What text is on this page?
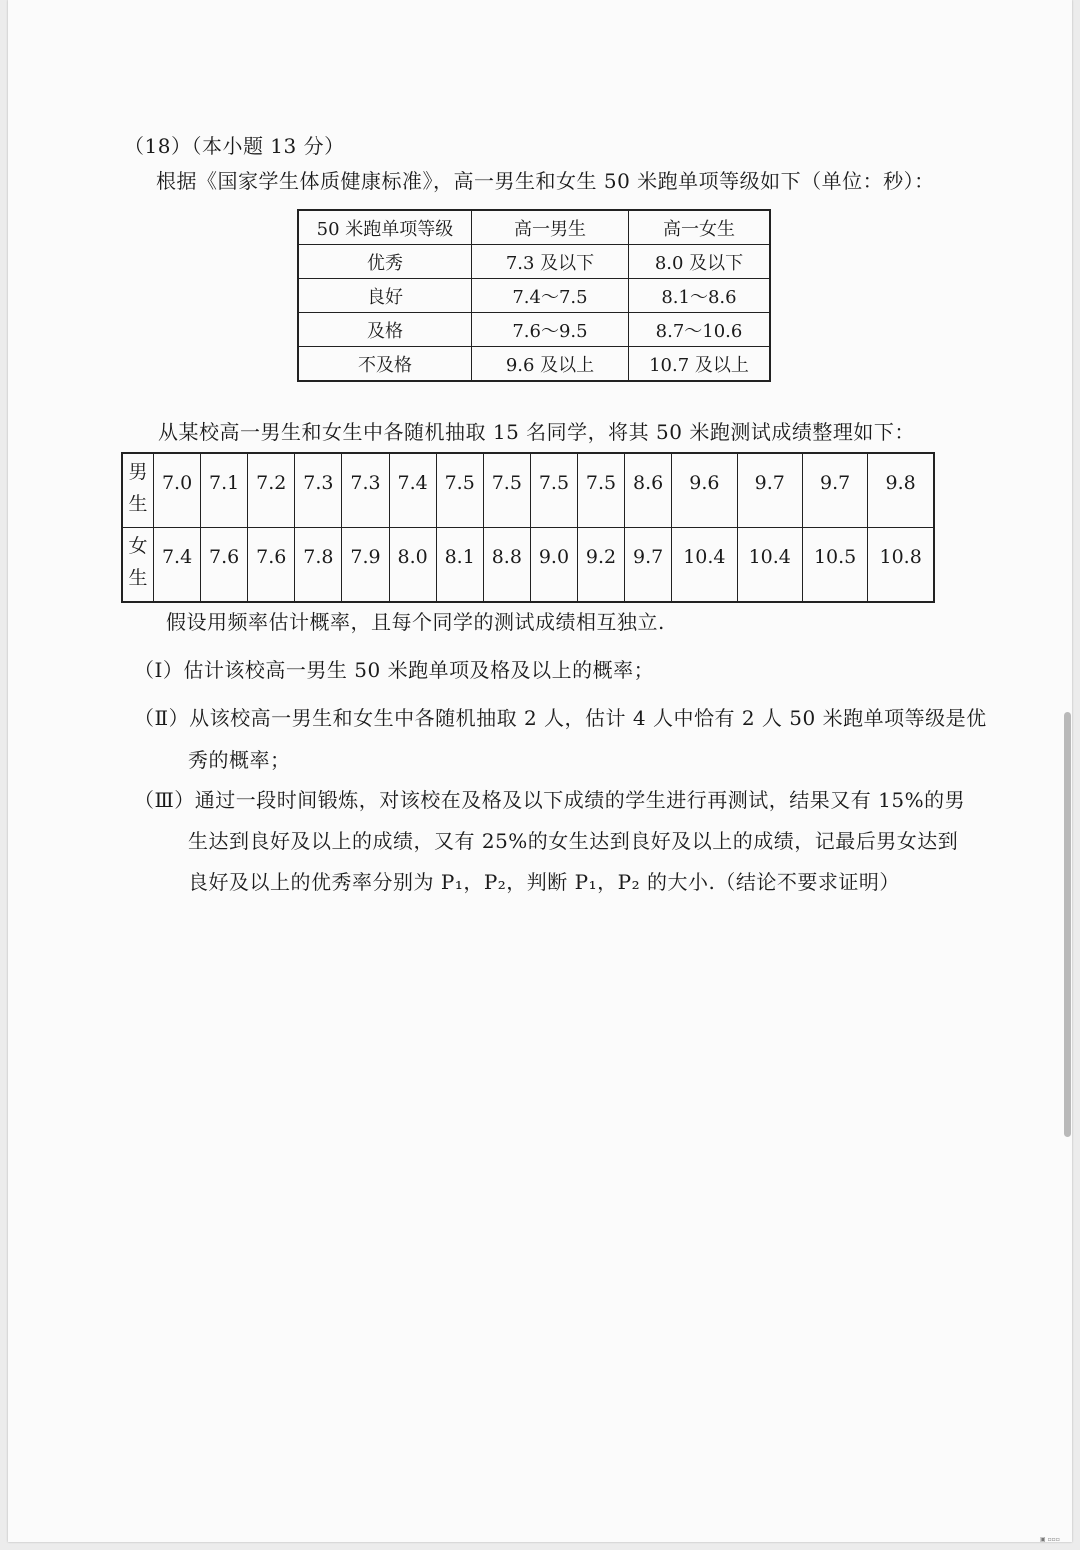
▣ ▫▫▫
（18）（本小题 13 分）
根据《国家学生体质健康标准》，高一男生和女生 50 米跑单项等级如下（单位：秒）：
50 米跑单项等级	高一男生	高一女生
优秀	7.3 及以下	8.0 及以下
良好	7.4～7.5	8.1～8.6
及格	7.6～9.5	8.7～10.6
不及格	9.6 及以上	10.7 及以上
从某校高一男生和女生中各随机抽取 15 名同学，将其 50 米跑测试成绩整理如下：
男
生	7.0	7.1	7.2	7.3	7.3	7.4	7.5	7.5	7.5	7.5	8.6	9.6	9.7	9.7	9.8
女
生	7.4	7.6	7.6	7.8	7.9	8.0	8.1	8.8	9.0	9.2	9.7	10.4	10.4	10.5	10.8
假设用频率估计概率，且每个同学的测试成绩相互独立.
（Ⅰ）估计该校高一男生 50 米跑单项及格及以上的概率；
（Ⅱ）从该校高一男生和女生中各随机抽取 2 人，估计 4 人中恰有 2 人 50 米跑单项等级是优
秀的概率；
（Ⅲ）通过一段时间锻炼，对该校在及格及以下成绩的学生进行再测试，结果又有 15%的男
生达到良好及以上的成绩，又有 25%的女生达到良好及以上的成绩，记最后男女达到
良好及以上的优秀率分别为 P₁，P₂，判断 P₁，P₂ 的大小.（结论不要求证明）
